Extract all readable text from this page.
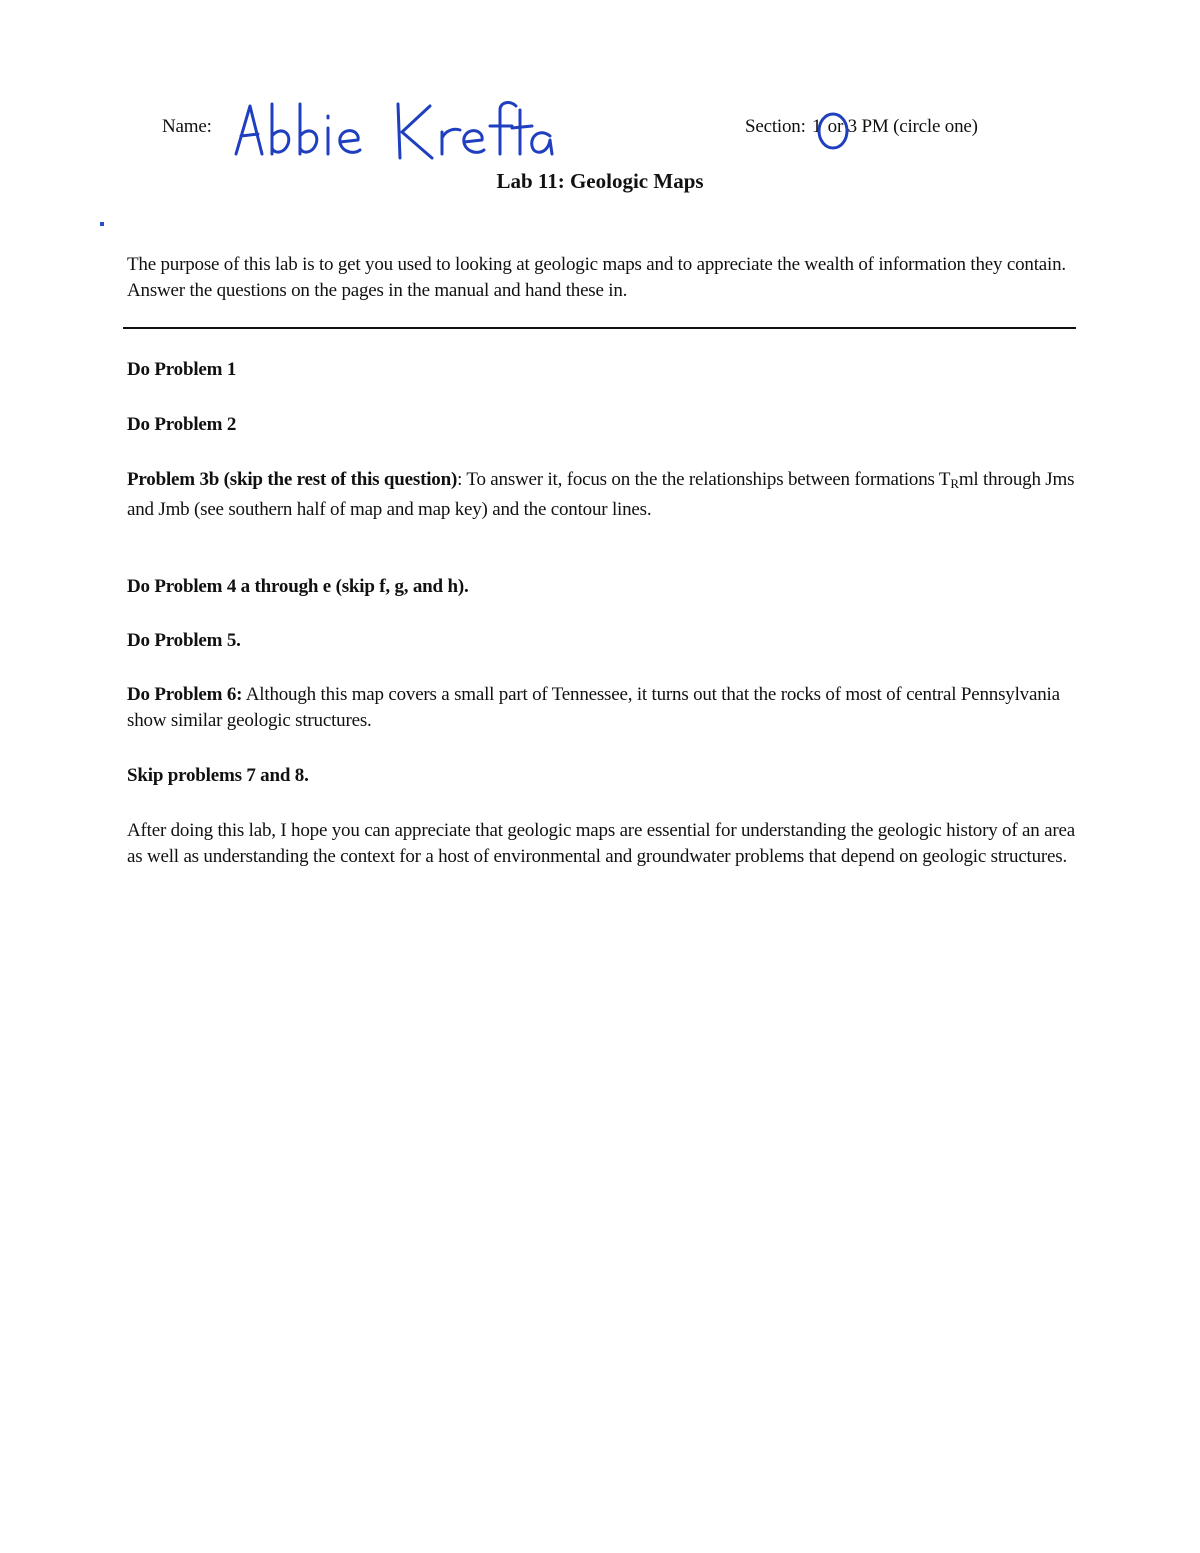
Name:	Section: 1 or 3 PM (circle one)
Lab 11: Geologic Maps
The purpose of this lab is to get you used to looking at geologic maps and to appreciate the wealth of information they contain. Answer the questions on the pages in the manual and hand these in.
Do Problem 1
Do Problem 2
Problem 3b (skip the rest of this question): To answer it, focus on the the relationships between formations $T_Rml$ through Jms and Jmb (see southern half of map and map key) and the contour lines.
Do Problem 4 a through e (skip f, g, and h).
Do Problem 5.
Do Problem 6: Although this map covers a small part of Tennessee, it turns out that the rocks of most of central Pennsylvania show similar geologic structures.
Skip problems 7 and 8.
After doing this lab, I hope you can appreciate that geologic maps are essential for understanding the geologic history of an area as well as understanding the context for a host of environmental and groundwater problems that depend on geologic structures.
